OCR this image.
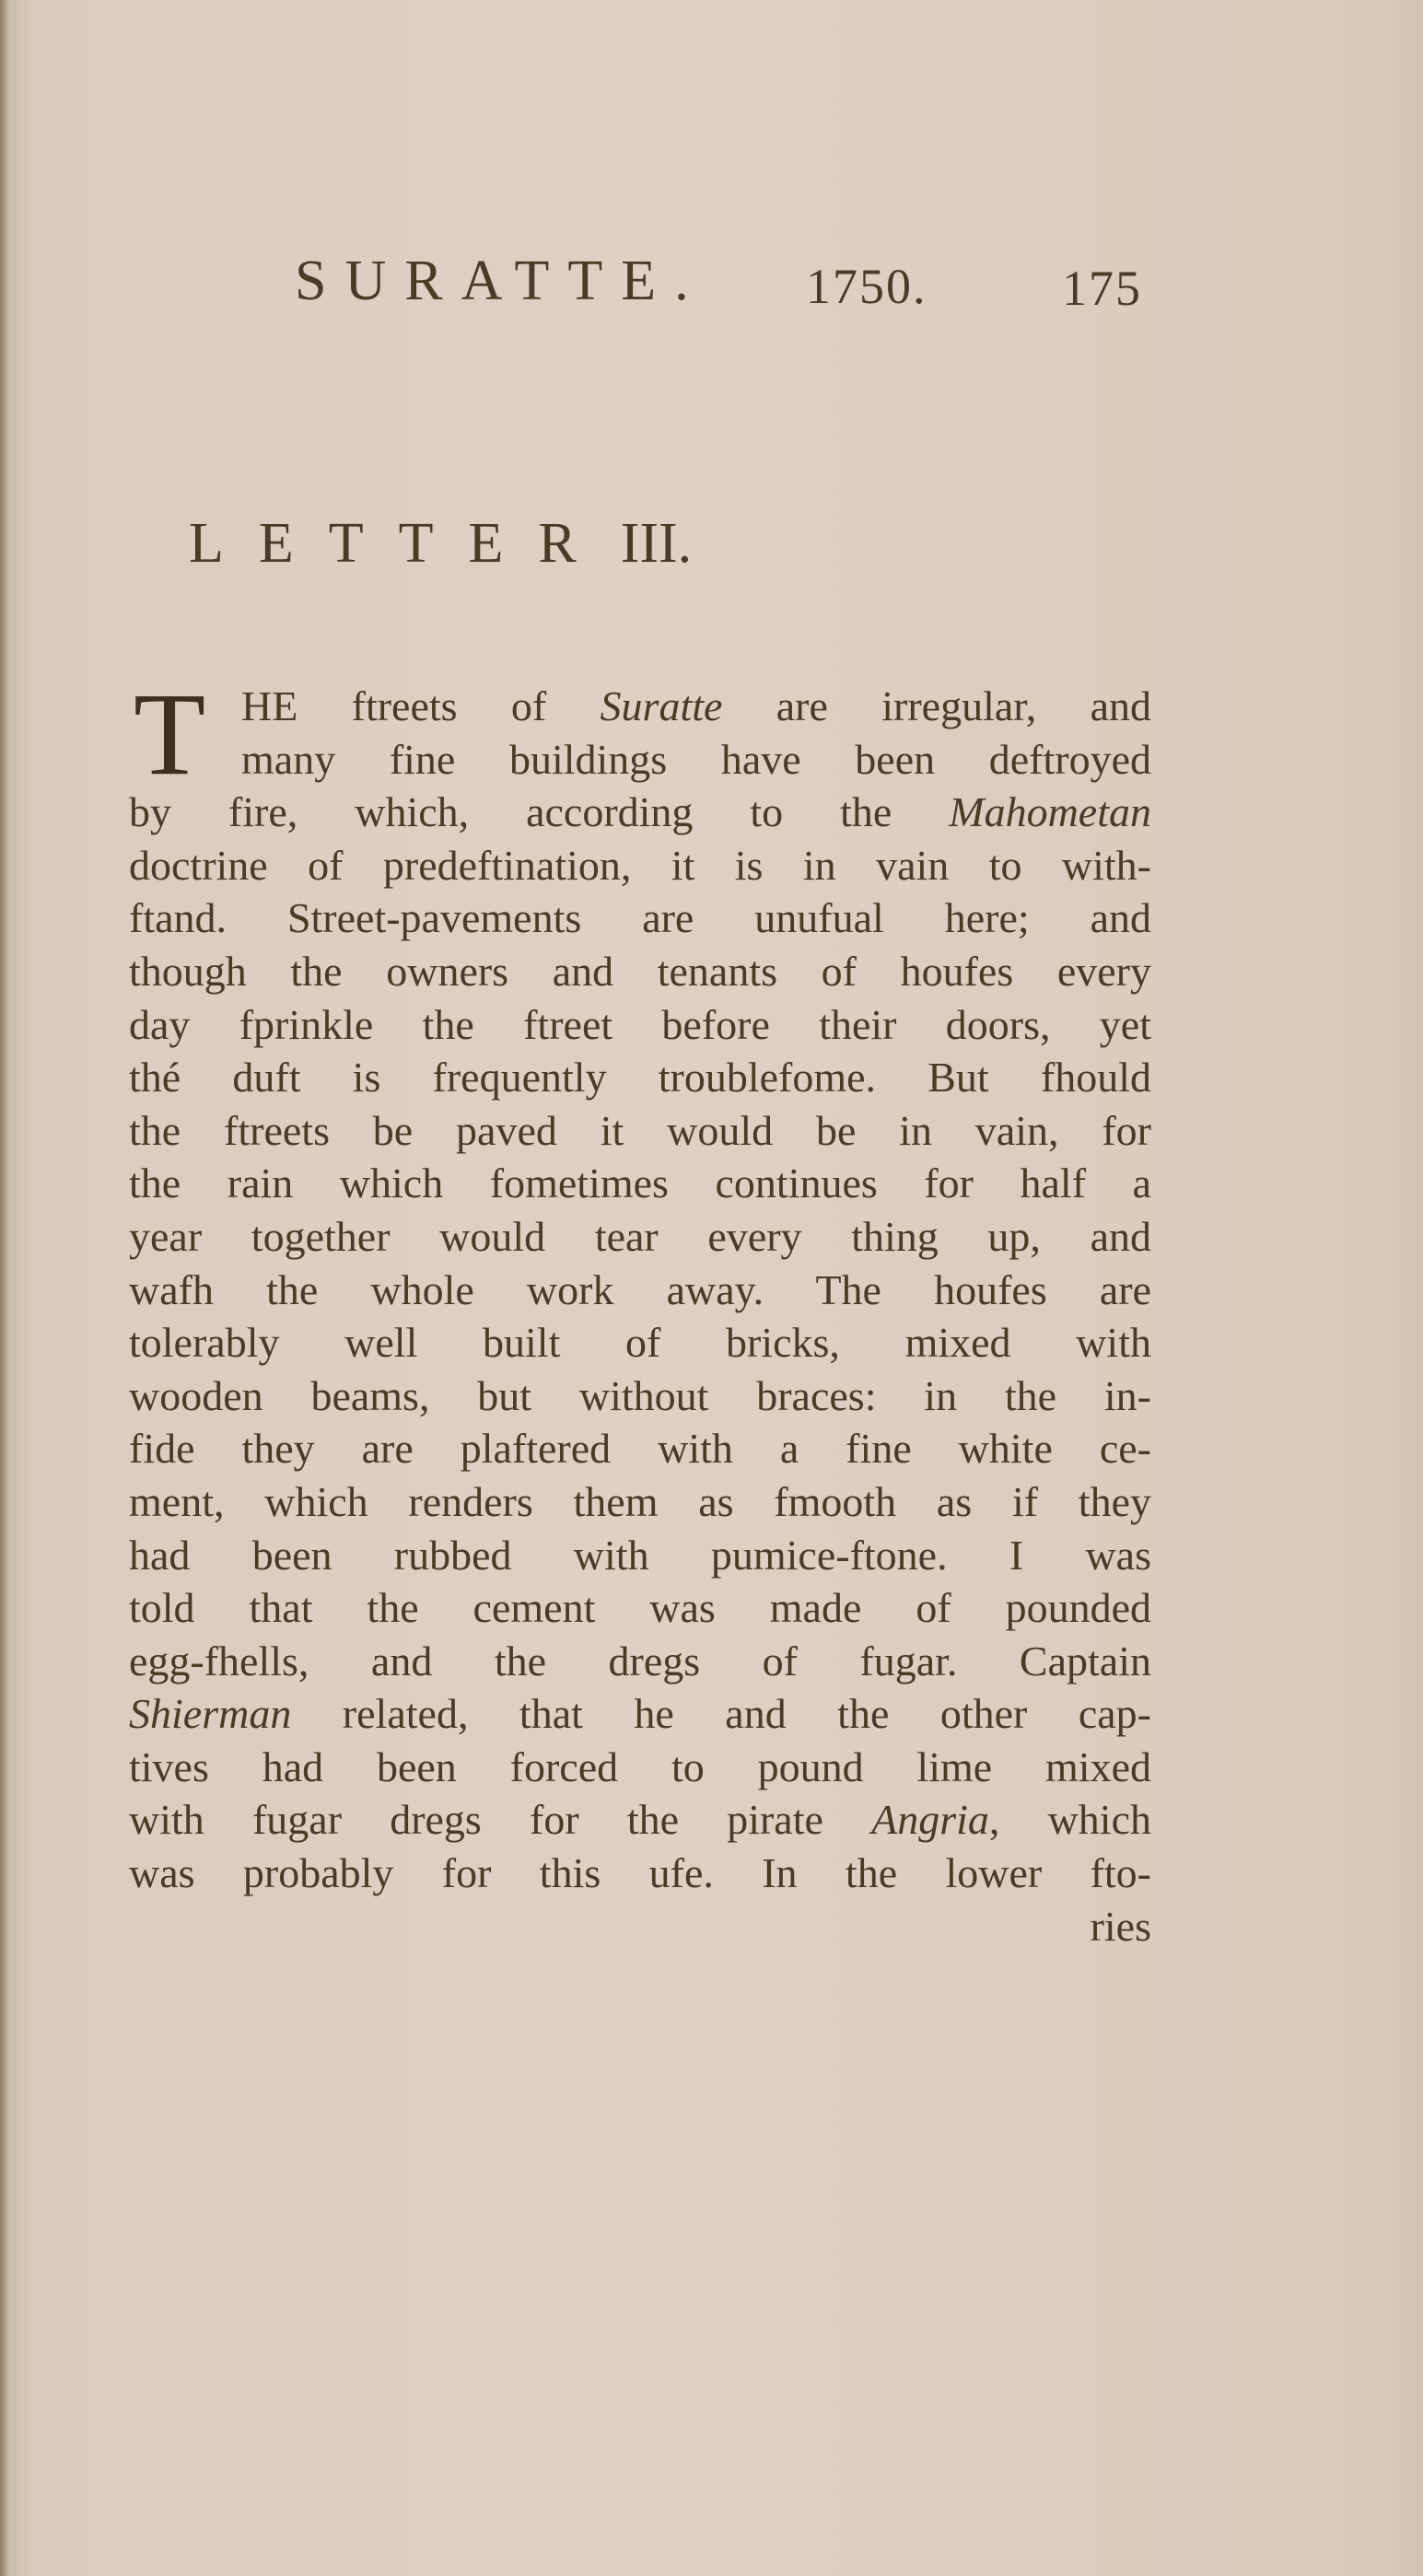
SURATTE. 1750.	175
LETTER III.
T HE ftreets of Suratte are irregular, and
many fine buildings have been deftroyed
by fire, which, according to the Mahometan
doctrine of predeftination, it is in vain to with-
ftand. Street-pavements are unufual here; and
though the owners and tenants of houfes every
day fprinkle the ftreet before their doors, yet
thé duft is frequently troublefome. But fhould
the ftreets be paved it would be in vain, for
the rain which fometimes continues for half a
year together would tear every thing up, and
wafh the whole work away. The houfes are
tolerably well built of bricks, mixed with
wooden beams, but without braces: in the in-
fide they are plaftered with a fine white ce-
ment, which renders them as fmooth as if they
had been rubbed with pumice-ftone. I was
told that the cement was made of pounded
egg-fhells, and the dregs of fugar. Captain
Shierman related, that he and the other cap-
tives had been forced to pound lime mixed
with fugar dregs for the pirate Angria, which
was probably for this ufe. In the lower fto-
ries
